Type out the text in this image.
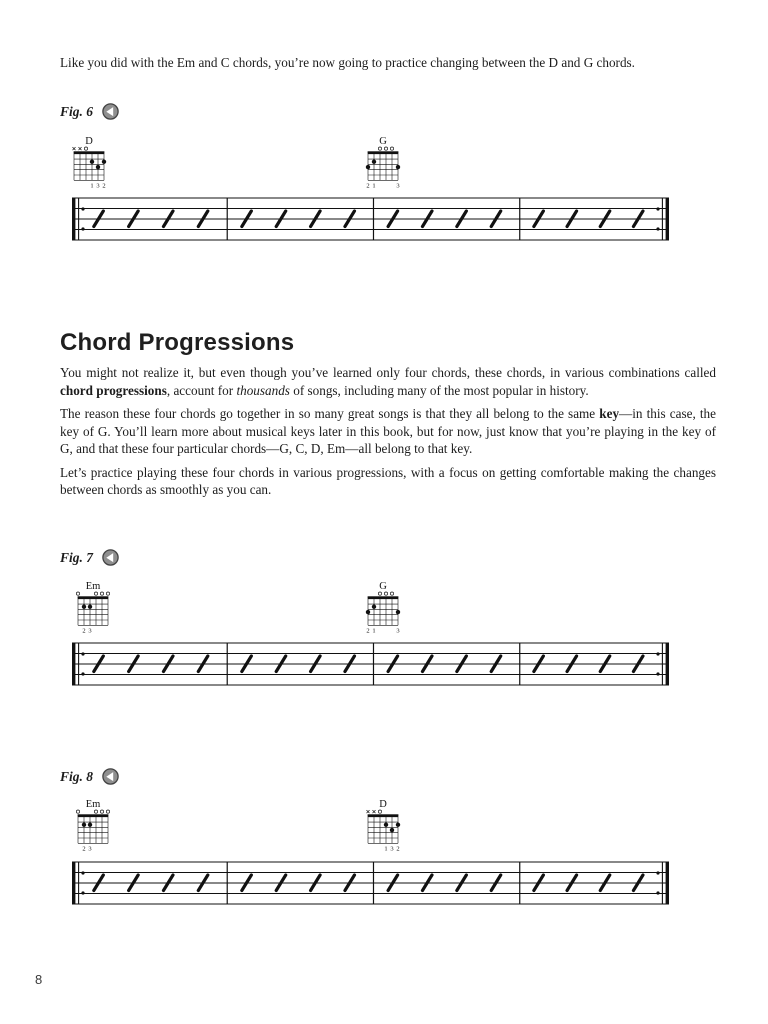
Like you did with the Em and C chords, you’re now going to practice changing between the D and G chords.

Fig. 6
D
1 3 2
G
2 1	3
Chord Progressions

You might not realize it, but even though you’ve learned only four chords, these chords, in various combinations called chord progressions, account for thousands of songs, including many of the most popular in history.

The reason these four chords go together in so many great songs is that they all belong to the same key—in this case, the key of G. You’ll learn more about musical keys later in this book, but for now, just know that you’re playing in the key of G, and that these four particular chords—G, C, D, Em—all belong to that key.

Let’s practice playing these four chords in various progressions, with a focus on getting comfortable making the changes between chords as smoothly as you can.

Fig. 7
Em
2 3
G
2 1	3
Fig. 8
Em
2 3
D
1 3 2
8
